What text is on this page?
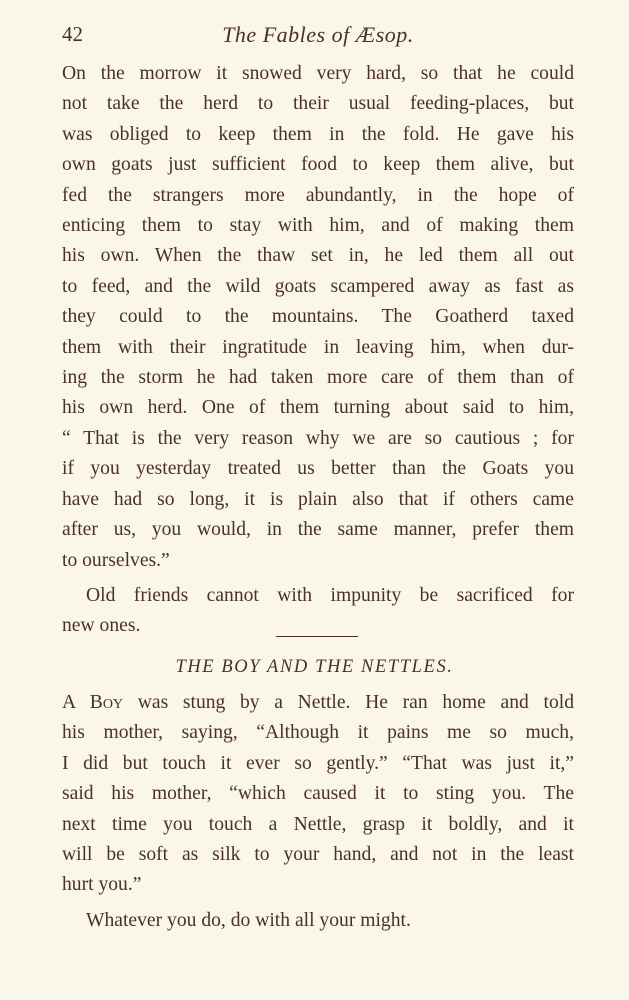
42	The Fables of Æsop.
On the morrow it snowed very hard, so that he could
not take the herd to their usual feeding-places, but
was obliged to keep them in the fold. He gave his
own goats just sufficient food to keep them alive, but
fed the strangers more abundantly, in the hope of
enticing them to stay with him, and of making them
his own. When the thaw set in, he led them all out
to feed, and the wild goats scampered away as fast as
they could to the mountains. The Goatherd taxed
them with their ingratitude in leaving him, when dur-
ing the storm he had taken more care of them than of
his own herd. One of them turning about said to him,
“ That is the very reason why we are so cautious ; for
if you yesterday treated us better than the Goats you
have had so long, it is plain also that if others came
after us, you would, in the same manner, prefer them
to ourselves.”
Old friends cannot with impunity be sacrificed for
new ones.
THE BOY AND THE NETTLES.
A Boy was stung by a Nettle. He ran home and told
his mother, saying, “Although it pains me so much,
I did but touch it ever so gently.” “That was just it,”
said his mother, “which caused it to sting you. The
next time you touch a Nettle, grasp it boldly, and it
will be soft as silk to your hand, and not in the least
hurt you.”
Whatever you do, do with all your might.
